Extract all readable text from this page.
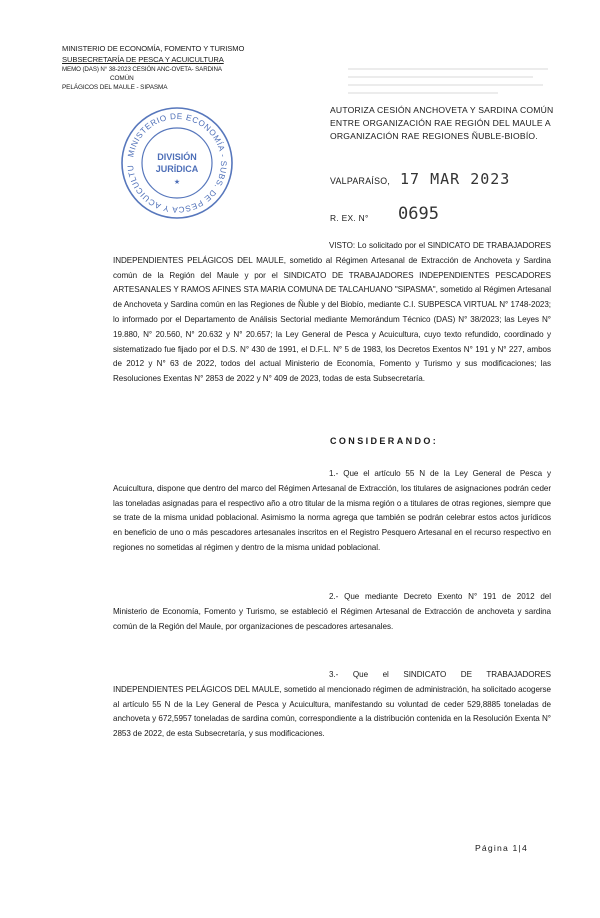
MINISTERIO DE ECONOMÍA, FOMENTO Y TURISMO
SUBSECRETARÍA DE PESCA Y ACUICULTURA
MEMO (DAS) N° 38-2023 CESIÓN ANC-OVETA- SARDINA
COMÚN
PELÁGICOS DEL MAULE - SIPASMA
MINISTERIO DE ECONOMÍA - SUBS. DE PESCA Y ACUICULTU
DIVISIÓN
JURÍDICA
★
AUTORIZA CESIÓN ANCHOVETA Y SARDINA COMÚN ENTRE ORGANIZACIÓN RAE REGIÓN DEL MAULE A ORGANIZACIÓN RAE REGIONES ÑUBLE-BIOBÍO.
VALPARAÍSO, 17 MAR 2023
R. EX. N° 0695
VISTO: Lo solicitado por el SINDICATO DE TRABAJADORES INDEPENDIENTES PELÁGICOS DEL MAULE, sometido al Régimen Artesanal de Extracción de Anchoveta y Sardina común de la Región del Maule y por el SINDICATO DE TRABAJADORES INDEPENDIENTES PESCADORES ARTESANALES Y RAMOS AFINES STA MARIA COMUNA DE TALCAHUANO "SIPASMA", sometido al Régimen Artesanal de Anchoveta y Sardina común en las Regiones de Ñuble y del Biobío, mediante C.I. SUBPESCA VIRTUAL N° 1748-2023; lo informado por el Departamento de Análisis Sectorial mediante Memorándum Técnico (DAS) N° 38/2023; las Leyes N° 19.880, N° 20.560, N° 20.632 y N° 20.657; la Ley General de Pesca y Acuicultura, cuyo texto refundido, coordinado y sistematizado fue fijado por el D.S. N° 430 de 1991, el D.F.L. N° 5 de 1983, los Decretos Exentos N° 191 y N° 227, ambos de 2012 y N° 63 de 2022, todos del actual Ministerio de Economía, Fomento y Turismo y sus modificaciones; las Resoluciones Exentas N° 2853 de 2022 y N° 409 de 2023, todas de esta Subsecretaría.
CONSIDERANDO:
1.- Que el artículo 55 N de la Ley General de Pesca y Acuicultura, dispone que dentro del marco del Régimen Artesanal de Extracción, los titulares de asignaciones podrán ceder las toneladas asignadas para el respectivo año a otro titular de la misma región o a titulares de otras regiones, siempre que se trate de la misma unidad poblacional. Asimismo la norma agrega que también se podrán celebrar estos actos jurídicos en beneficio de uno o más pescadores artesanales inscritos en el Registro Pesquero Artesanal en el recurso respectivo en regiones no sometidas al régimen y dentro de la misma unidad poblacional.
2.- Que mediante Decreto Exento N° 191 de 2012 del Ministerio de Economía, Fomento y Turismo, se estableció el Régimen Artesanal de Extracción de anchoveta y sardina común de la Región del Maule, por organizaciones de pescadores artesanales.
3.- Que el SINDICATO DE TRABAJADORES INDEPENDIENTES PELÁGICOS DEL MAULE, sometido al mencionado régimen de administración, ha solicitado acogerse al artículo 55 N de la Ley General de Pesca y Acuicultura, manifestando su voluntad de ceder 529,8885 toneladas de anchoveta y 672,5957 toneladas de sardina común, correspondiente a la distribución contenida en la Resolución Exenta N° 2853 de 2022, de esta Subsecretaría, y sus modificaciones.
Página 1|4
